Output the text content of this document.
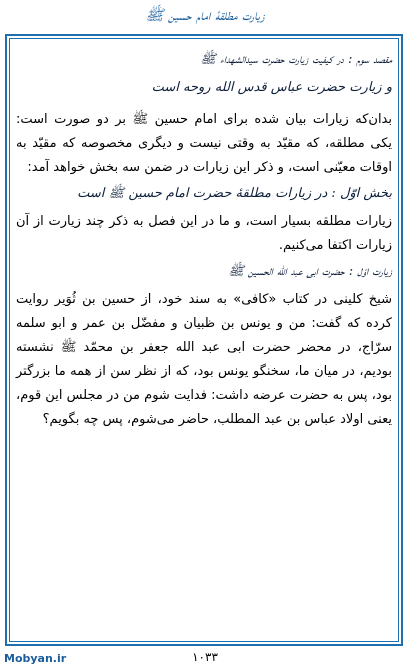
زیارت مطلقهٔ امام حسین ﷺ

مقصد سوم : در کیفیت زیارت حضرت سیدالشهداء ﷺ

و زیارت حضرت عباس قدس الله روحه است

بدان‌که زیارات بیان شده برای امام حسین ﷺ بر دو صورت است: یکی مطلقه، که مقیّد به وقتی نیست و دیگری مخصوصه که مقیّد به اوقات معیّنی است، و ذکر این زیارات در ضمن سه بخش خواهد آمد:

بخش اوّل : در زیارات مطلقهٔ حضرت امام حسین ﷺ است

زیارات مطلقه بسیار است، و ما در این فصل به ذکر چند زیارت از آن زیارات اکتفا می‌کنیم.

زیارت اوّل : حضرت ابی عبد الله الحسین ﷺ

شیخ کلینی در کتاب «کافی» به سند خود، از حسین بن ثُوَیر روایت کرده که گفت: من و یونس بن ظبیان و مفضّل بن عمر و ابو سلمه سرّاج، در محضر حضرت ابی عبد الله جعفر بن محمّد ﷺ نشسته بودیم، در میان ما، سخنگو یونس بود، که از نظر سن از همه ما بزرگتر بود، پس به حضرت عرضه داشت: فدایت شوم من در مجلس این قوم، یعنی اولاد عباس بن عبد المطلب، حاضر می‌شوم، پس چه بگویم؟

Mobyan.ir	۱۰۳۳
